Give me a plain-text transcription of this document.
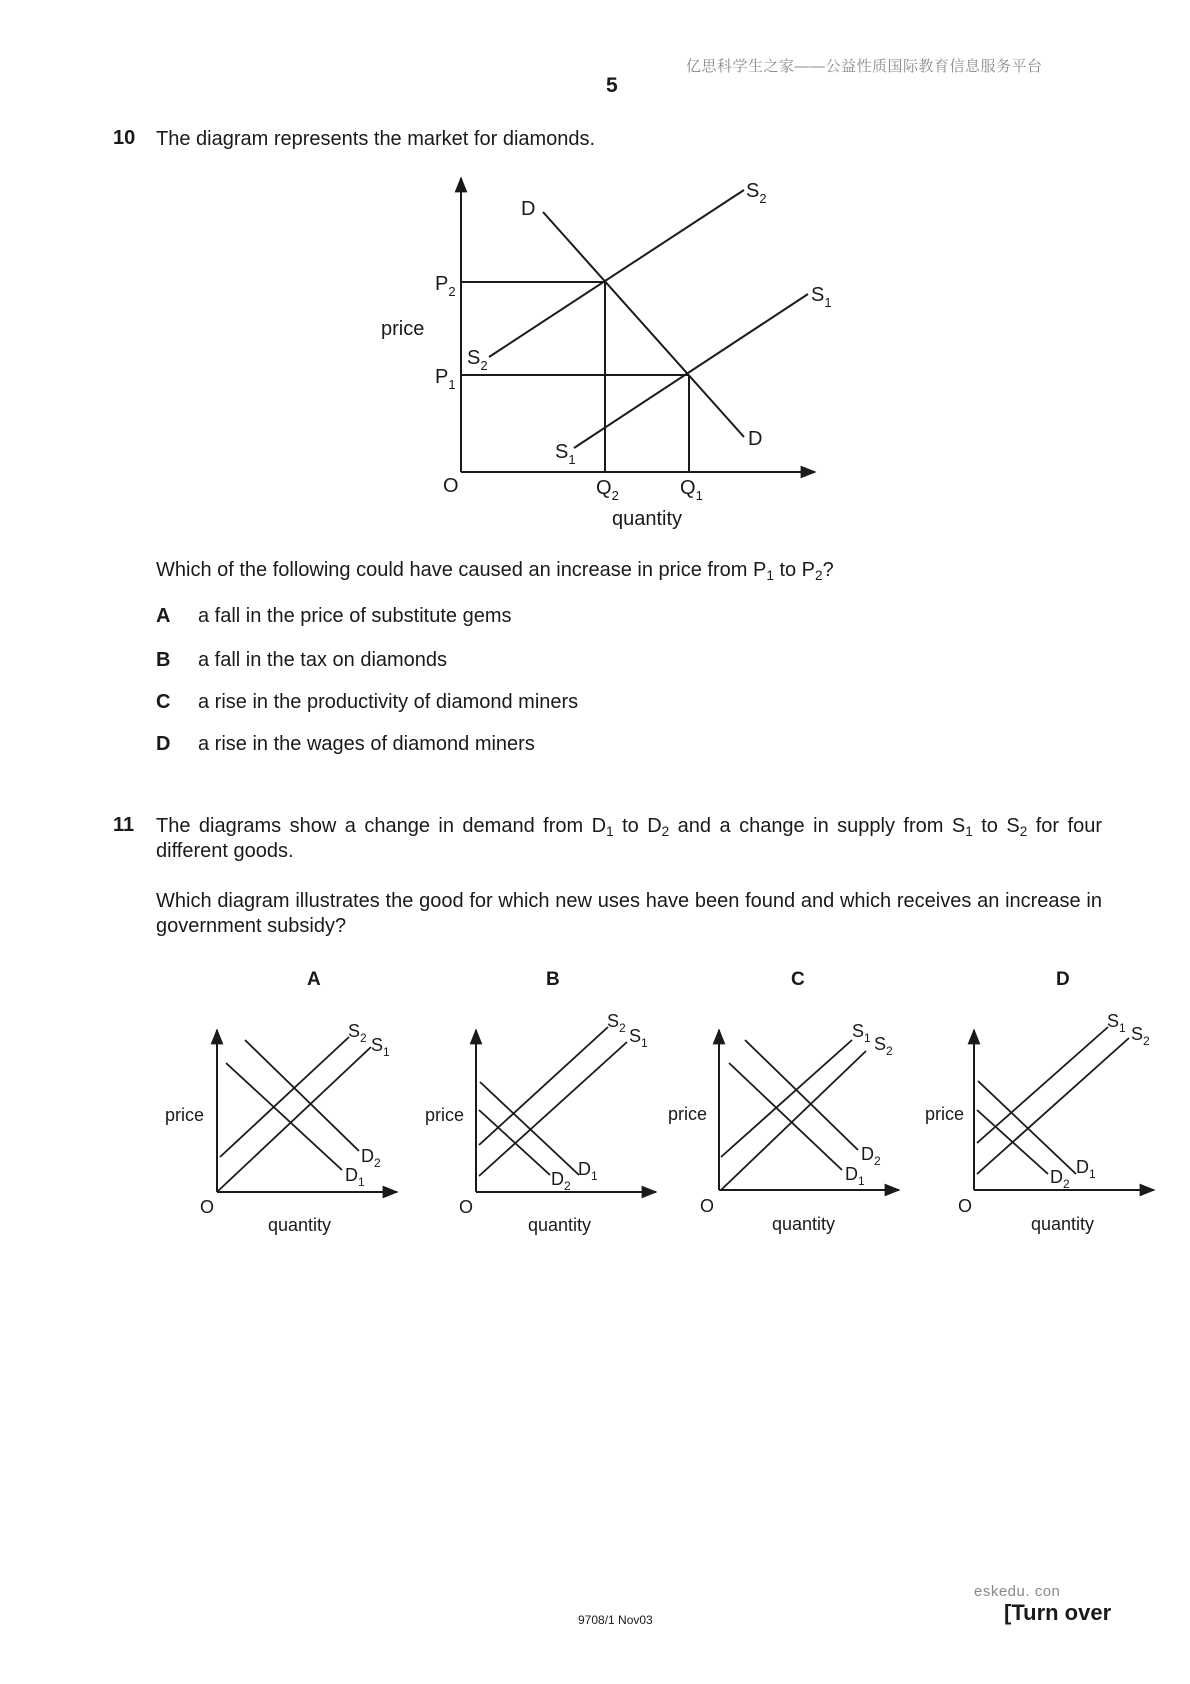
亿思科学生之家——公益性质国际教育信息服务平台
5
10 The diagram represents the market for diamonds.
price
quantity
O
$P_2$
$P_1$
$Q_2$	$Q_1$
D
D
$S_2$
$S_2$
$S_1$
$S_1$
Which of the following could have caused an increase in price from $P_1$ to $P_2$?
A a fall in the price of substitute gems
B a fall in the tax on diamonds
C a rise in the productivity of diamond miners
D a rise in the wages of diamond miners
11 The diagrams show a change in demand from $D_1$ to $D_2$ and a change in supply from $S_1$ to $S_2$ for four different goods.
Which diagram illustrates the good for which new uses have been found and which receives an increase in government subsidy?
A	B	C	D
price
quantity
O
$S_2$ $S_1$
$D_2$
$D_1$
price
quantity
O
$S_2$ $S_1$
$D_1$
$D_2$
price
quantity
O
$S_1$ $S_2$
$D_2$
$D_1$
price
quantity
O
$S_1$ $S_2$
$D_1$
$D_2$
eskedu. con
9708/1 Nov03	[Turn over
